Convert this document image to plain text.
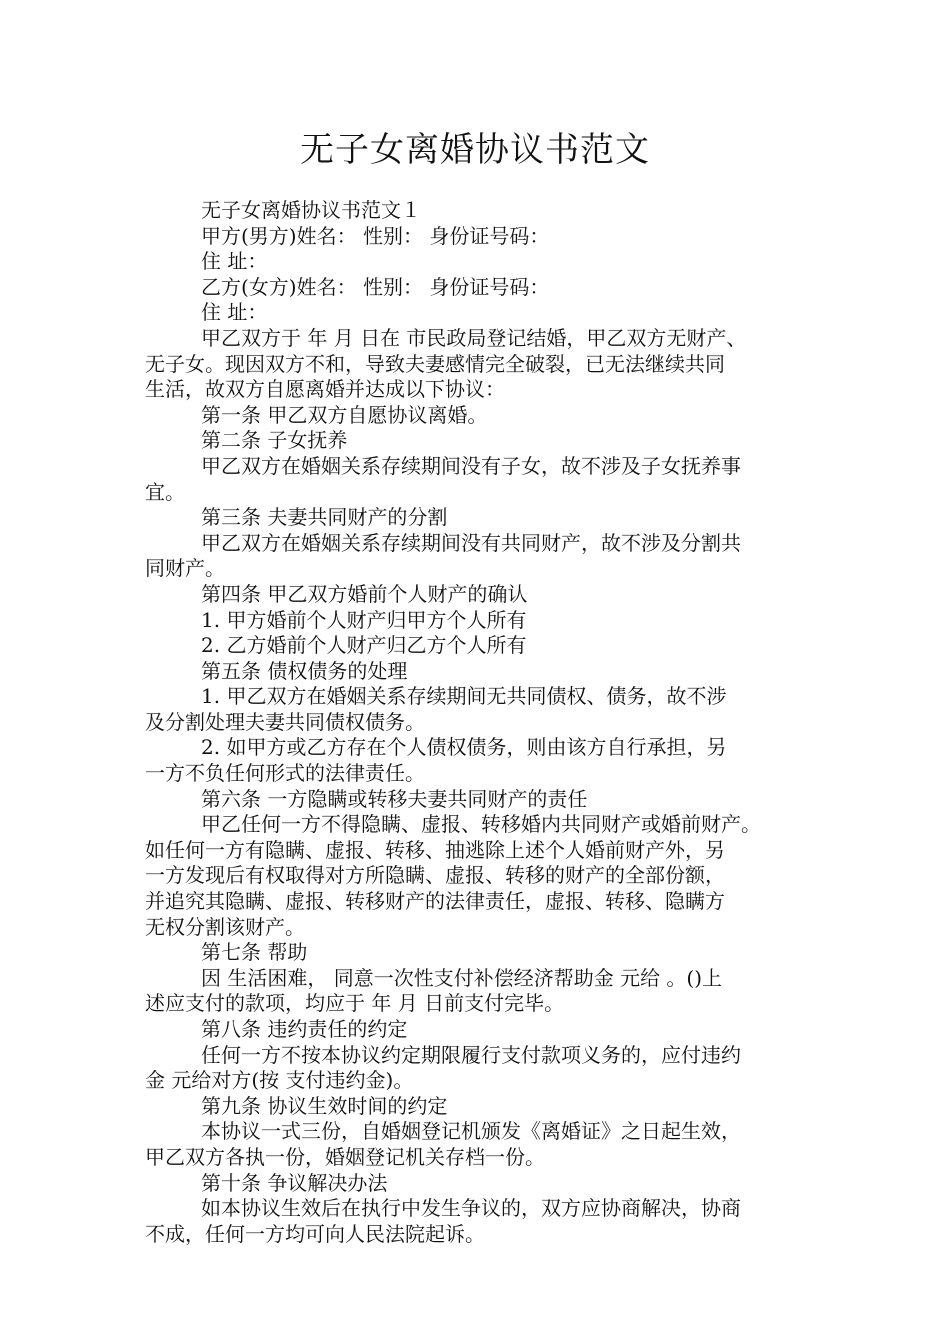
无子女离婚协议书范文

无子女离婚协议书范文１

甲方(男方)姓名： 性别： 身份证号码：

住 址：

乙方(女方)姓名： 性别： 身份证号码：

住 址：

甲乙双方于 年 月 日在 市民政局登记结婚，甲乙双方无财产、

无子女。现因双方不和，导致夫妻感情完全破裂，已无法继续共同

生活，故双方自愿离婚并达成以下协议：

第一条 甲乙双方自愿协议离婚。

第二条 子女抚养

甲乙双方在婚姻关系存续期间没有子女，故不涉及子女抚养事

宜。

第三条 夫妻共同财产的分割

甲乙双方在婚姻关系存续期间没有共同财产，故不涉及分割共

同财产。

第四条 甲乙双方婚前个人财产的确认

1. 甲方婚前个人财产归甲方个人所有

2. 乙方婚前个人财产归乙方个人所有

第五条 债权债务的处理

1. 甲乙双方在婚姻关系存续期间无共同债权、债务，故不涉

及分割处理夫妻共同债权债务。

2. 如甲方或乙方存在个人债权债务，则由该方自行承担，另

一方不负任何形式的法律责任。

第六条 一方隐瞒或转移夫妻共同财产的责任

甲乙任何一方不得隐瞒、虚报、转移婚内共同财产或婚前财产。

如任何一方有隐瞒、虚报、转移、抽逃除上述个人婚前财产外，另

一方发现后有权取得对方所隐瞒、虚报、转移的财产的全部份额，

并追究其隐瞒、虚报、转移财产的法律责任，虚报、转移、隐瞒方

无权分割该财产。

第七条 帮助

因 生活困难， 同意一次性支付补偿经济帮助金 元给 。()上

述应支付的款项，均应于 年 月 日前支付完毕。

第八条 违约责任的约定

任何一方不按本协议约定期限履行支付款项义务的，应付违约

金 元给对方(按 支付违约金)。

第九条 协议生效时间的约定

本协议一式三份，自婚姻登记机颁发《离婚证》之日起生效，

甲乙双方各执一份，婚姻登记机关存档一份。

第十条 争议解决办法

如本协议生效后在执行中发生争议的，双方应协商解决，协商

不成，任何一方均可向人民法院起诉。
